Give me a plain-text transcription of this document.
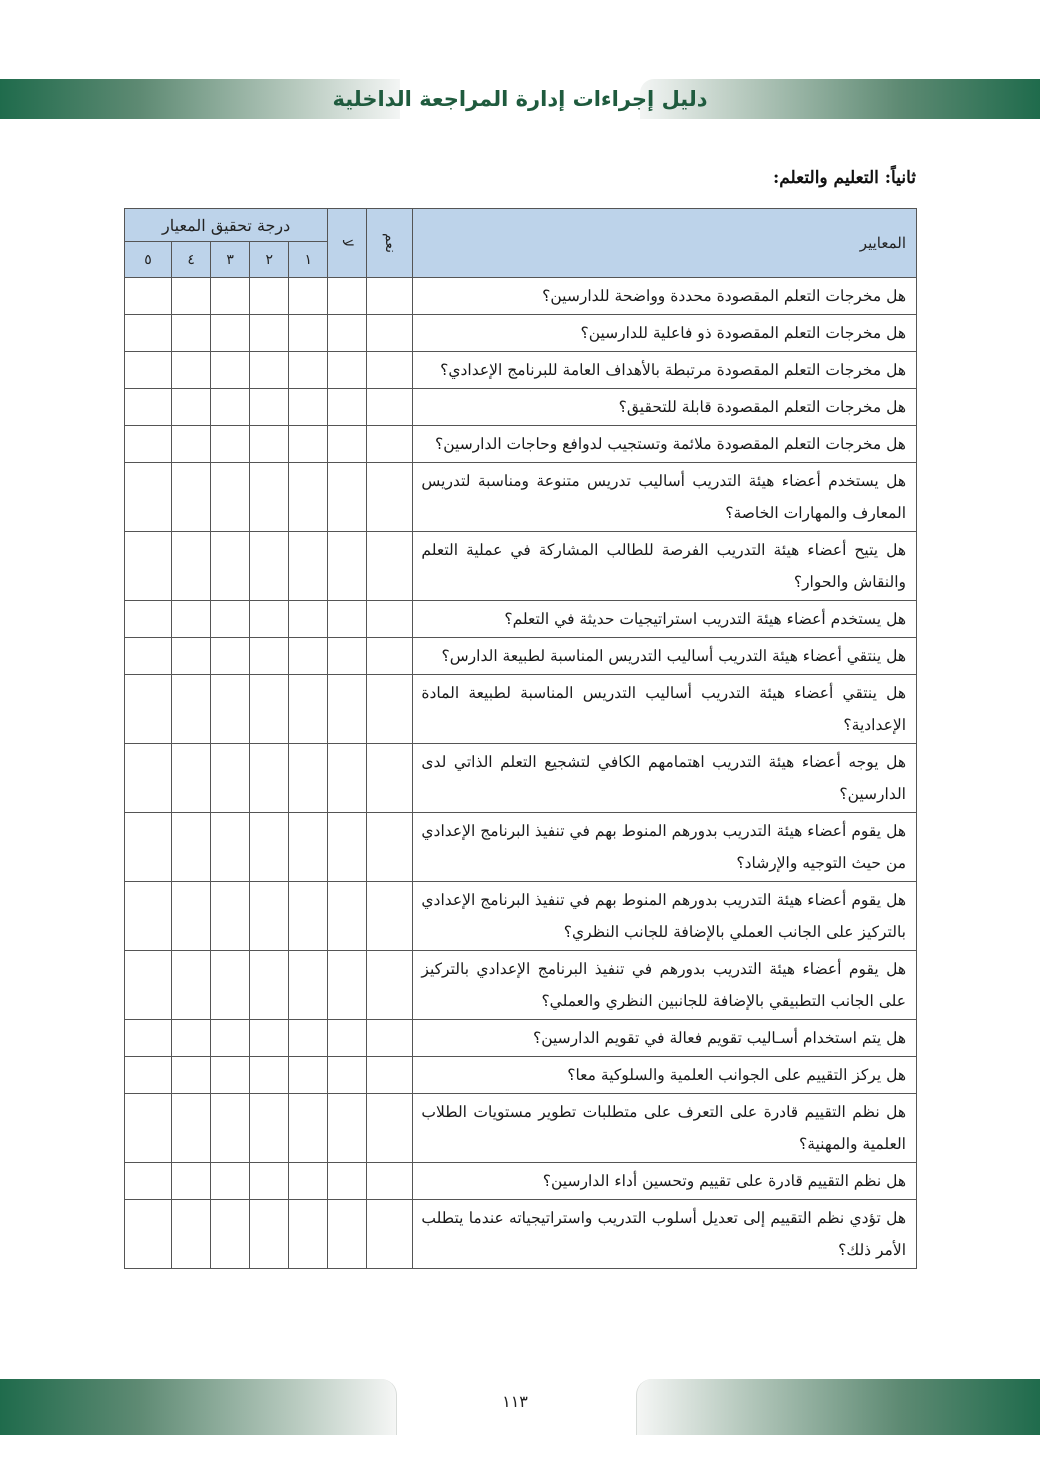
دليل إجراءات إدارة المراجعة الداخلية
ثانياً: التعليم والتعلم:
المعايير	نعم	لا	درجة تحقيق المعيار				
			١	٢	٣	٤	٥
هل مخرجات التعلم المقصودة محددة وواضحة للدارسين؟							
هل مخرجات التعلم المقصودة ذو فاعلية للدارسين؟							
هل مخرجات التعلم المقصودة مرتبطة بالأهداف العامة للبرنامج الإعدادي؟							
هل مخرجات التعلم المقصودة قابلة للتحقيق؟							
هل مخرجات التعلم المقصودة ملائمة وتستجيب لدوافع وحاجات الدارسين؟							
هل يستخدم أعضاء هيئة التدريب أساليب تدريس متنوعة ومناسبة لتدريس المعارف والمهارات الخاصة؟							
هل يتيح أعضاء هيئة التدريب الفرصة للطالب المشاركة في عملية التعلم والنقاش والحوار؟							
هل يستخدم أعضاء هيئة التدريب استراتيجيات حديثة في التعلم؟							
هل ينتقي أعضاء هيئة التدريب أساليب التدريس المناسبة لطبيعة الدارس؟							
هل ينتقي أعضاء هيئة التدريب أساليب التدريس المناسبة لطبيعة المادة الإعدادية؟							
هل يوجه أعضاء هيئة التدريب اهتمامهم الكافي لتشجيع التعلم الذاتي لدى الدارسين؟							
هل يقوم أعضاء هيئة التدريب بدورهم المنوط بهم في تنفيذ البرنامج الإعدادي من حيث التوجيه والإرشاد؟							
هل يقوم أعضاء هيئة التدريب بدورهم المنوط بهم في تنفيذ البرنامج الإعدادي بالتركيز على الجانب العملي بالإضافة للجانب النظري؟							
هل يقوم أعضاء هيئة التدريب بدورهم في تنفيذ البرنامج الإعدادي بالتركيز على الجانب التطبيقي بالإضافة للجانبين النظري والعملي؟							
هل يتم استخدام أسـاليب تقويم فعالة في تقويم الدارسين؟							
هل يركز التقييم على الجوانب العلمية والسلوكية معا؟							
هل نظم التقييم قادرة على التعرف على متطلبات تطوير مستويات الطلاب العلمية والمهنية؟							
هل نظم التقييم قادرة على تقييم وتحسين أداء الدارسين؟							
هل تؤدي نظم التقييم إلى تعديل أسلوب التدريب واستراتيجياته عندما يتطلب الأمر ذلك؟							
١١٣
